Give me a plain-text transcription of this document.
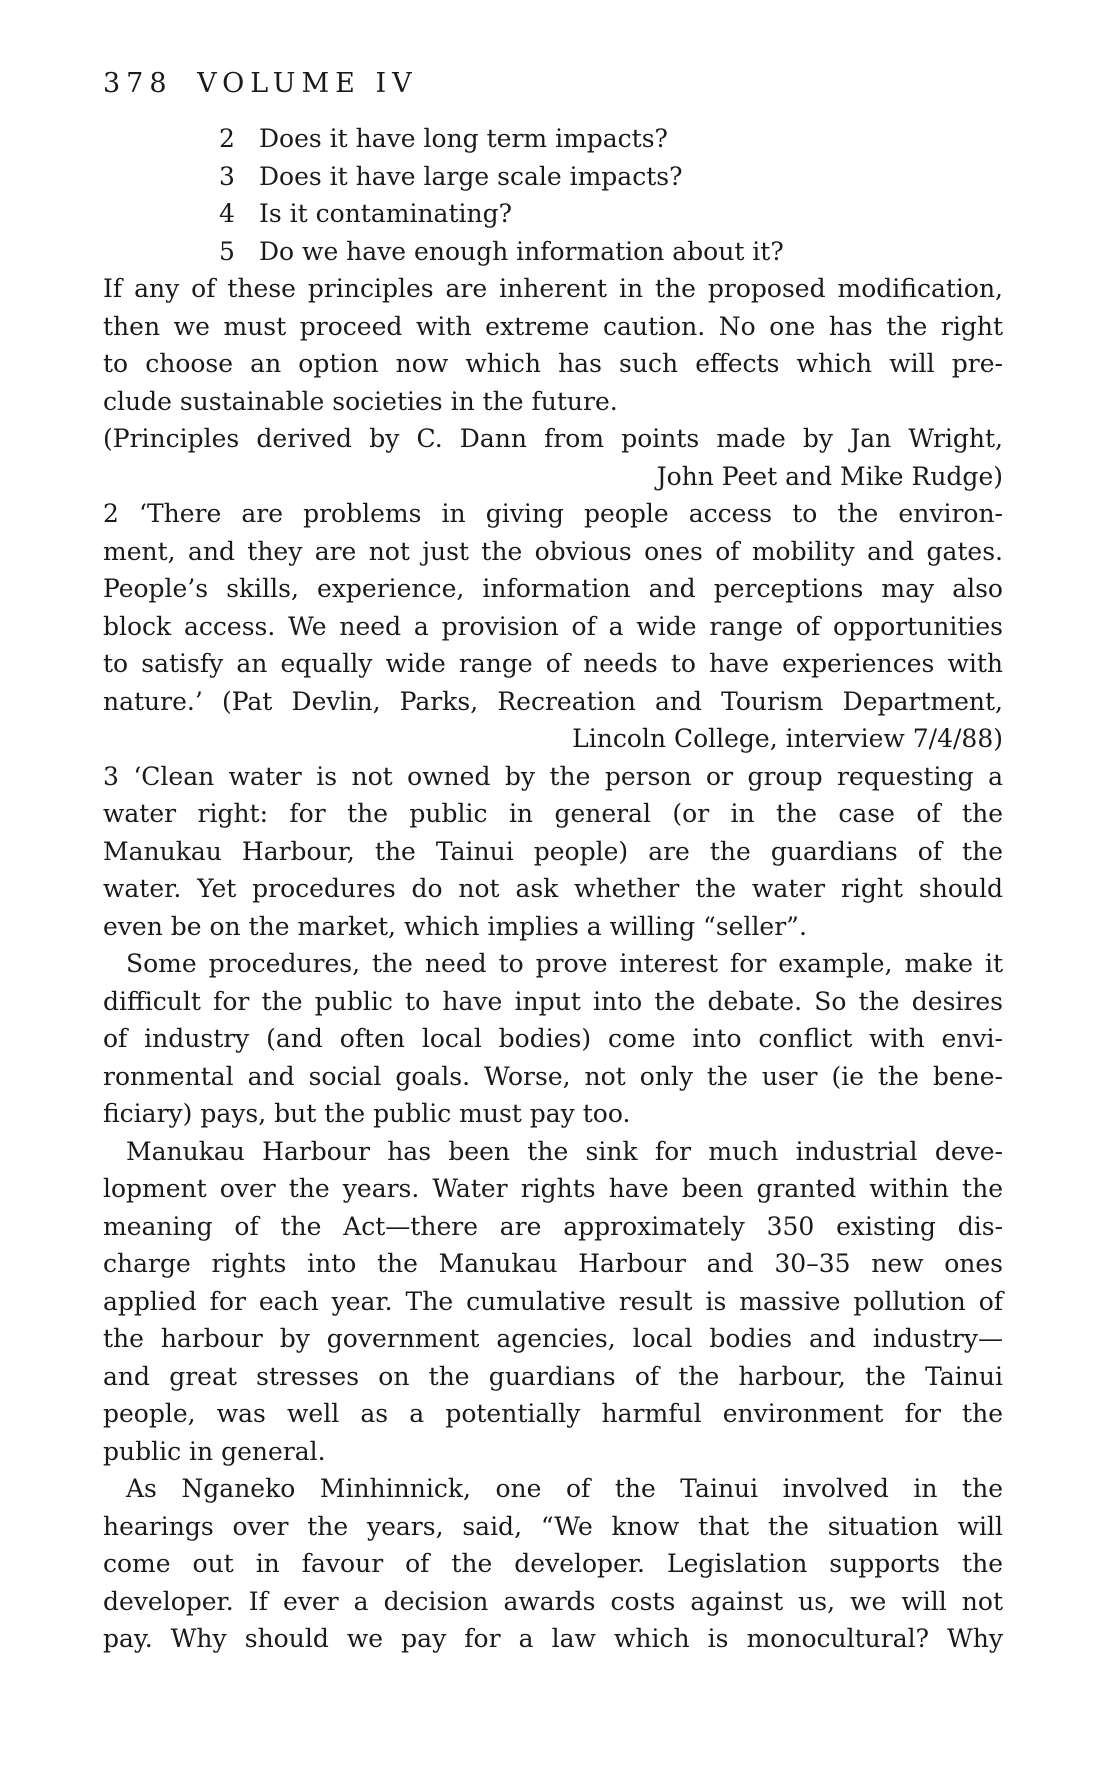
378 VOLUME IV
2 Does it have long term impacts?
3 Does it have large scale impacts?
4 Is it contaminating?
5 Do we have enough information about it?
If any of these principles are inherent in the proposed modification,
then we must proceed with extreme caution. No one has the right
to choose an option now which has such effects which will pre-
clude sustainable societies in the future.
(Principles derived by C. Dann from points made by Jan Wright,
John Peet and Mike Rudge)
2 ‘There are problems in giving people access to the environ-
ment, and they are not just the obvious ones of mobility and gates.
People’s skills, experience, information and perceptions may also
block access. We need a provision of a wide range of opportunities
to satisfy an equally wide range of needs to have experiences with
nature.’ (Pat Devlin, Parks, Recreation and Tourism Department,
Lincoln College, interview 7/4/88)
3 ‘Clean water is not owned by the person or group requesting a
water right: for the public in general (or in the case of the
Manukau Harbour, the Tainui people) are the guardians of the
water. Yet procedures do not ask whether the water right should
even be on the market, which implies a willing “seller”.
Some procedures, the need to prove interest for example, make it
difficult for the public to have input into the debate. So the desires
of industry (and often local bodies) come into conflict with envi-
ronmental and social goals. Worse, not only the user (ie the bene-
ficiary) pays, but the public must pay too.
Manukau Harbour has been the sink for much industrial deve-
lopment over the years. Water rights have been granted within the
meaning of the Act—there are approximately 350 existing dis-
charge rights into the Manukau Harbour and 30–35 new ones
applied for each year. The cumulative result is massive pollution of
the harbour by government agencies, local bodies and industry—
and great stresses on the guardians of the harbour, the Tainui
people, was well as a potentially harmful environment for the
public in general.
As Nganeko Minhinnick, one of the Tainui involved in the
hearings over the years, said, “We know that the situation will
come out in favour of the developer. Legislation supports the
developer. If ever a decision awards costs against us, we will not
pay. Why should we pay for a law which is monocultural? Why
